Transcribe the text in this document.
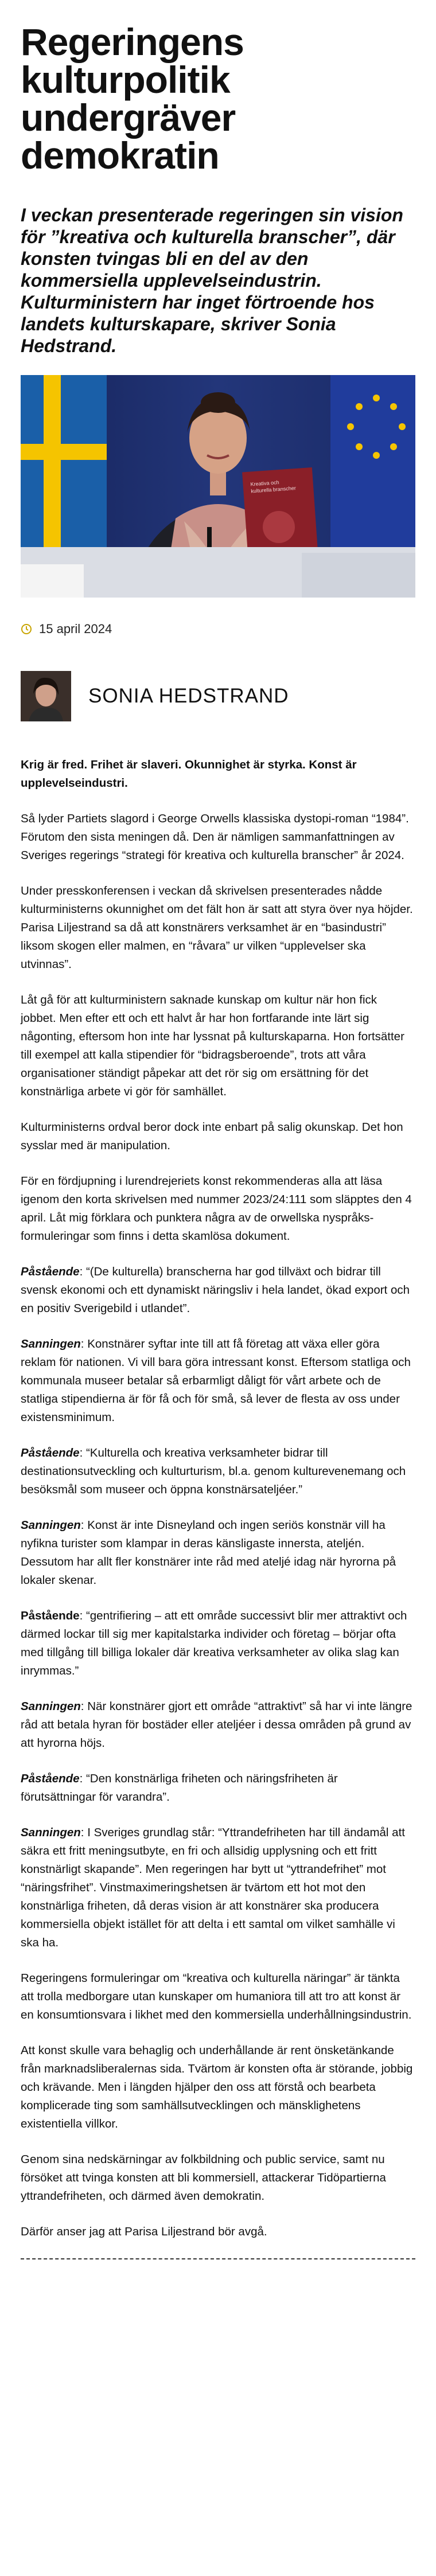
Regeringens kulturpolitik undergräver demokratin

I veckan presenterade regeringen sin vision för ”kreativa och kulturella branscher”, där konsten tvingas bli en del av den kommersiella upplevelseindustrin. Kulturministern har inget förtroende hos landets kulturskapare, skriver Sonia Hedstrand.

Kreativa och
kulturella branscher
15 april 2024
SONIA HEDSTRAND

Krig är fred. Frihet är slaveri. Okunnighet är styrka. Konst är upplevelseindustri.

Så lyder Partiets slagord i George Orwells klassiska dystopi-roman “1984”. Förutom den sista meningen då. Den är nämligen sammanfattningen av Sveriges regerings “strategi för kreativa och kulturella branscher” år 2024.

Under presskonferensen i veckan då skrivelsen presenterades nådde kulturministerns okunnighet om det fält hon är satt att styra över nya höjder. Parisa Liljestrand sa då att konstnärers verksamhet är en “basindustri” liksom skogen eller malmen, en “råvara” ur vilken “upplevelser ska utvinnas”.

Låt gå för att kulturministern saknade kunskap om kultur när hon fick jobbet. Men efter ett och ett halvt år har hon fortfarande inte lärt sig någonting, eftersom hon inte har lyssnat på kulturskaparna. Hon fortsätter till exempel att kalla stipendier för “bidragsberoende”, trots att våra organisationer ständigt påpekar att det rör sig om ersättning för det konstnärliga arbete vi gör för samhället.

Kulturministerns ordval beror dock inte enbart på salig okunskap. Det hon sysslar med är manipulation.

För en fördjupning i lurendrejeriets konst rekommenderas alla att läsa igenom den korta skrivelsen med nummer 2023/24:111 som släpptes den 4 april. Låt mig förklara och punktera några av de orwellska nyspråks-formuleringar som finns i detta skamlösa dokument.

Påstående: “(De kulturella) branscherna har god tillväxt och bidrar till svensk ekonomi och ett dynamiskt näringsliv i hela landet, ökad export och en positiv Sverigebild i utlandet”.

Sanningen: Konstnärer syftar inte till att få företag att växa eller göra reklam för nationen. Vi vill bara göra intressant konst. Eftersom statliga och kommunala museer betalar så erbarmligt dåligt för vårt arbete och de statliga stipendierna är för få och för små, så lever de flesta av oss under existensminimum.

Påstående: “Kulturella och kreativa verksamheter bidrar till destinationsutveckling och kulturturism, bl.a. genom kulturevenemang och besöksmål som museer och öppna konstnärsateljéer.”

Sanningen: Konst är inte Disneyland och ingen seriös konstnär vill ha nyfikna turister som klampar in deras känsligaste innersta, ateljén. Dessutom har allt fler konstnärer inte råd med ateljé idag när hyrorna på lokaler skenar.

Påstående: “gentrifiering – att ett område successivt blir mer attraktivt och därmed lockar till sig mer kapitalstarka individer och företag – börjar ofta med tillgång till billiga lokaler där kreativa verksamheter av olika slag kan inrymmas.”

Sanningen: När konstnärer gjort ett område “attraktivt” så har vi inte längre råd att betala hyran för bostäder eller ateljéer i dessa områden på grund av att hyrorna höjs.

Påstående: “Den konstnärliga friheten och näringsfriheten är förutsättningar för varandra”.

Sanningen: I Sveriges grundlag står: “Yttrandefriheten har till ändamål att säkra ett fritt meningsutbyte, en fri och allsidig upplysning och ett fritt konstnärligt skapande”. Men regeringen har bytt ut “yttrandefrihet” mot “näringsfrihet”. Vinstmaximeringshetsen är tvärtom ett hot mot den konstnärliga friheten, då deras vision är att konstnärer ska producera kommersiella objekt istället för att delta i ett samtal om vilket samhälle vi ska ha.

Regeringens formuleringar om “kreativa och kulturella näringar” är tänkta att trolla medborgare utan kunskaper om humaniora till att tro att konst är en konsumtionsvara i likhet med den kommersiella underhållningsindustrin.

Att konst skulle vara behaglig och underhållande är rent önsketänkande från marknadsliberalernas sida. Tvärtom är konsten ofta är störande, jobbig och krävande. Men i längden hjälper den oss att förstå och bearbeta komplicerade ting som samhällsutvecklingen och mänsklighetens existentiella villkor.

Genom sina nedskärningar av folkbildning och public service, samt nu försöket att tvinga konsten att bli kommersiell, attackerar Tidöpartierna yttrandefriheten, och därmed även demokratin.

Därför anser jag att Parisa Liljestrand bör avgå.
